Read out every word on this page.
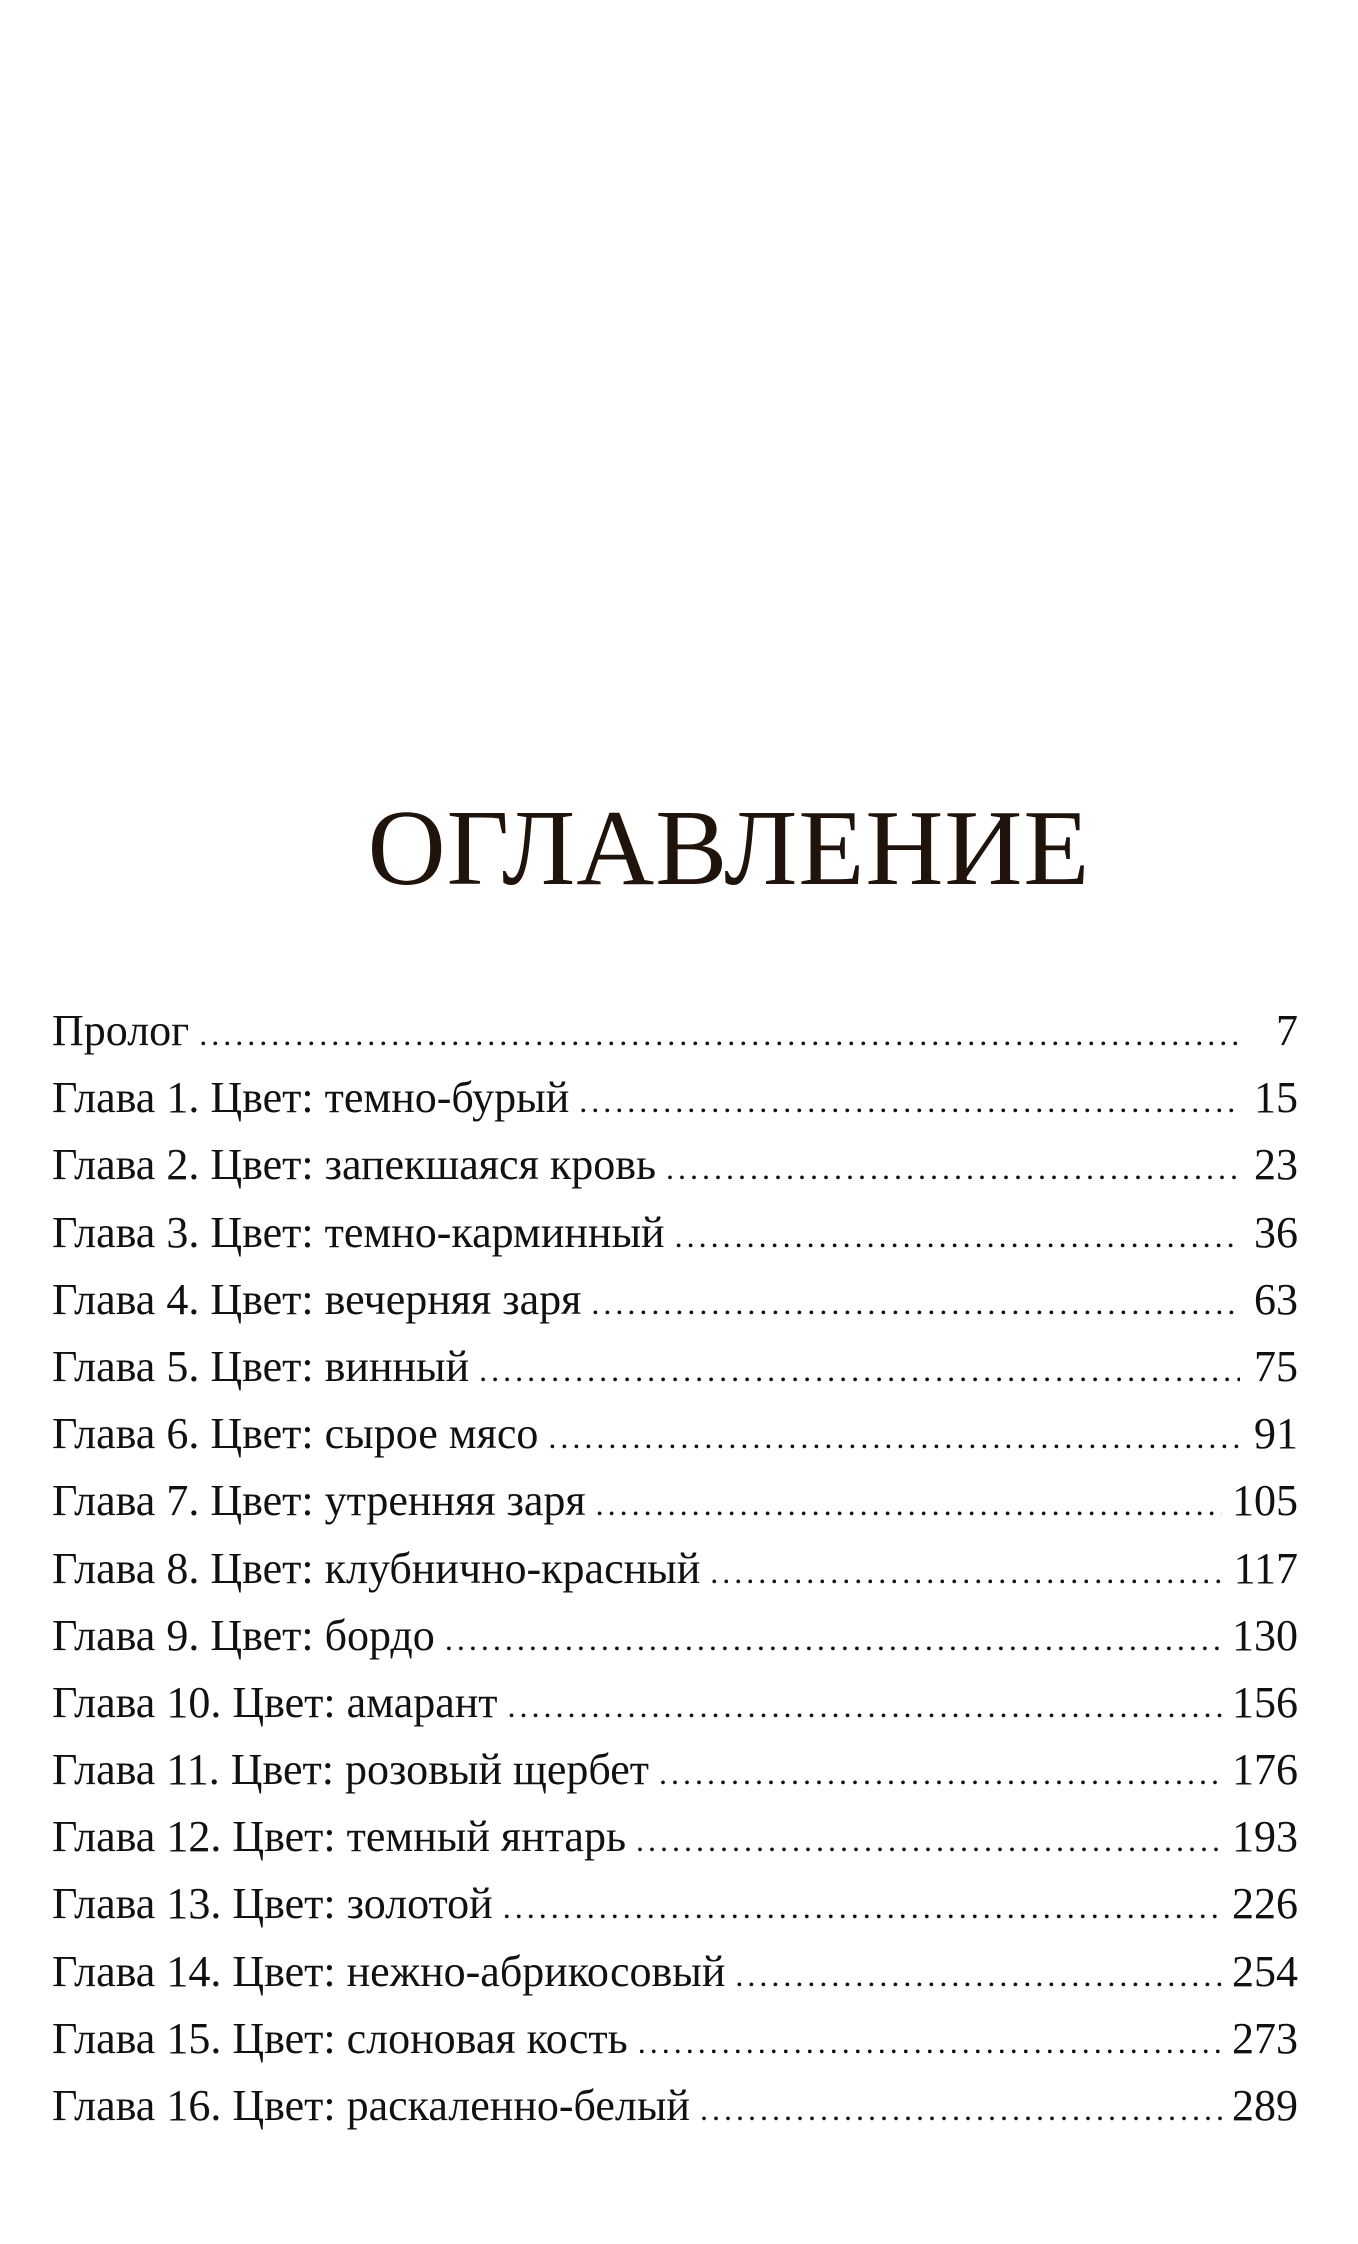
ОГЛАВЛЕНИЕ
Пролог .....	7
Глава 1. Цвет: темно-бурый .....	15
Глава 2. Цвет: запекшаяся кровь .....	23
Глава 3. Цвет: темно-карминный .....	36
Глава 4. Цвет: вечерняя заря .....	63
Глава 5. Цвет: винный .....	75
Глава 6. Цвет: сырое мясо .....	91
Глава 7. Цвет: утренняя заря .....	105
Глава 8. Цвет: клубнично-красный .....	117
Глава 9. Цвет: бордо .....	130
Глава 10. Цвет: амарант .....	156
Глава 11. Цвет: розовый щербет .....	176
Глава 12. Цвет: темный янтарь .....	193
Глава 13. Цвет: золотой .....	226
Глава 14. Цвет: нежно-абрикосовый .....	254
Глава 15. Цвет: слоновая кость .....	273
Глава 16. Цвет: раскаленно-белый .....	289
